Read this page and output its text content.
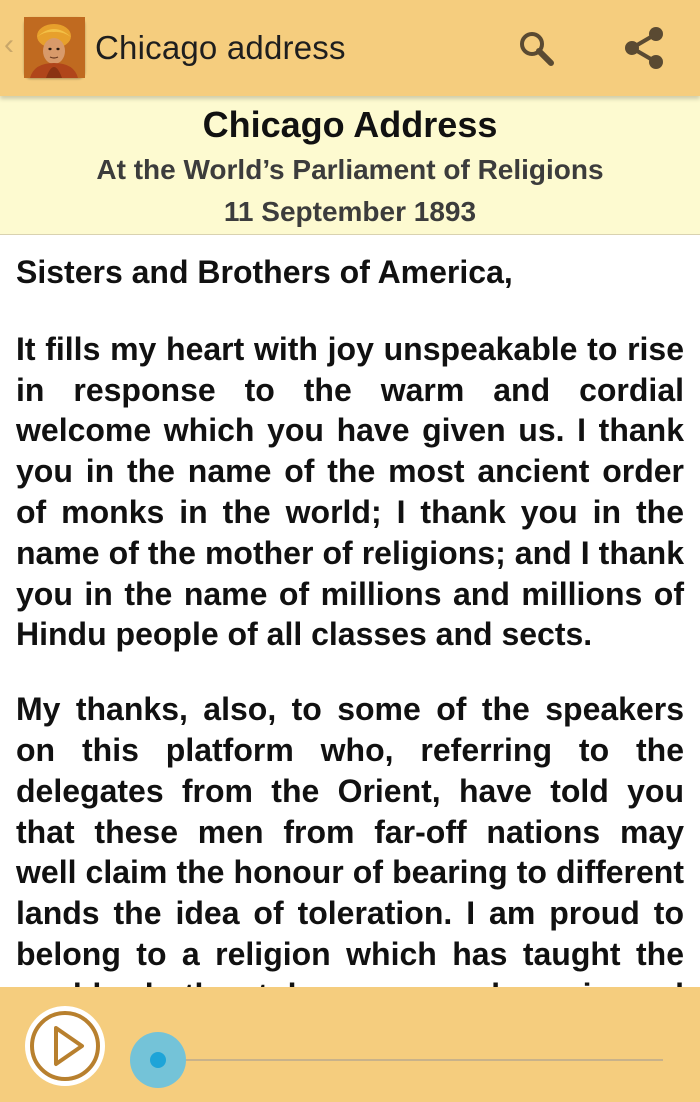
‹ Chicago address
Chicago Address
At the World’s Parliament of Religions
11 September 1893

Sisters and Brothers of America,

It fills my heart with joy unspeakable to rise in response to the warm and cordial welcome which you have given us. I thank you in the name of the most ancient order of monks in the world; I thank you in the name of the mother of religions; and I thank you in the name of millions and millions of Hindu people of all classes and sects.

My thanks, also, to some of the speakers on this platform who, referring to the delegates from the Orient, have told you that these men from far-off nations may well claim the honour of bearing to different lands the idea of toleration. I am proud to belong to a religion which has taught the
